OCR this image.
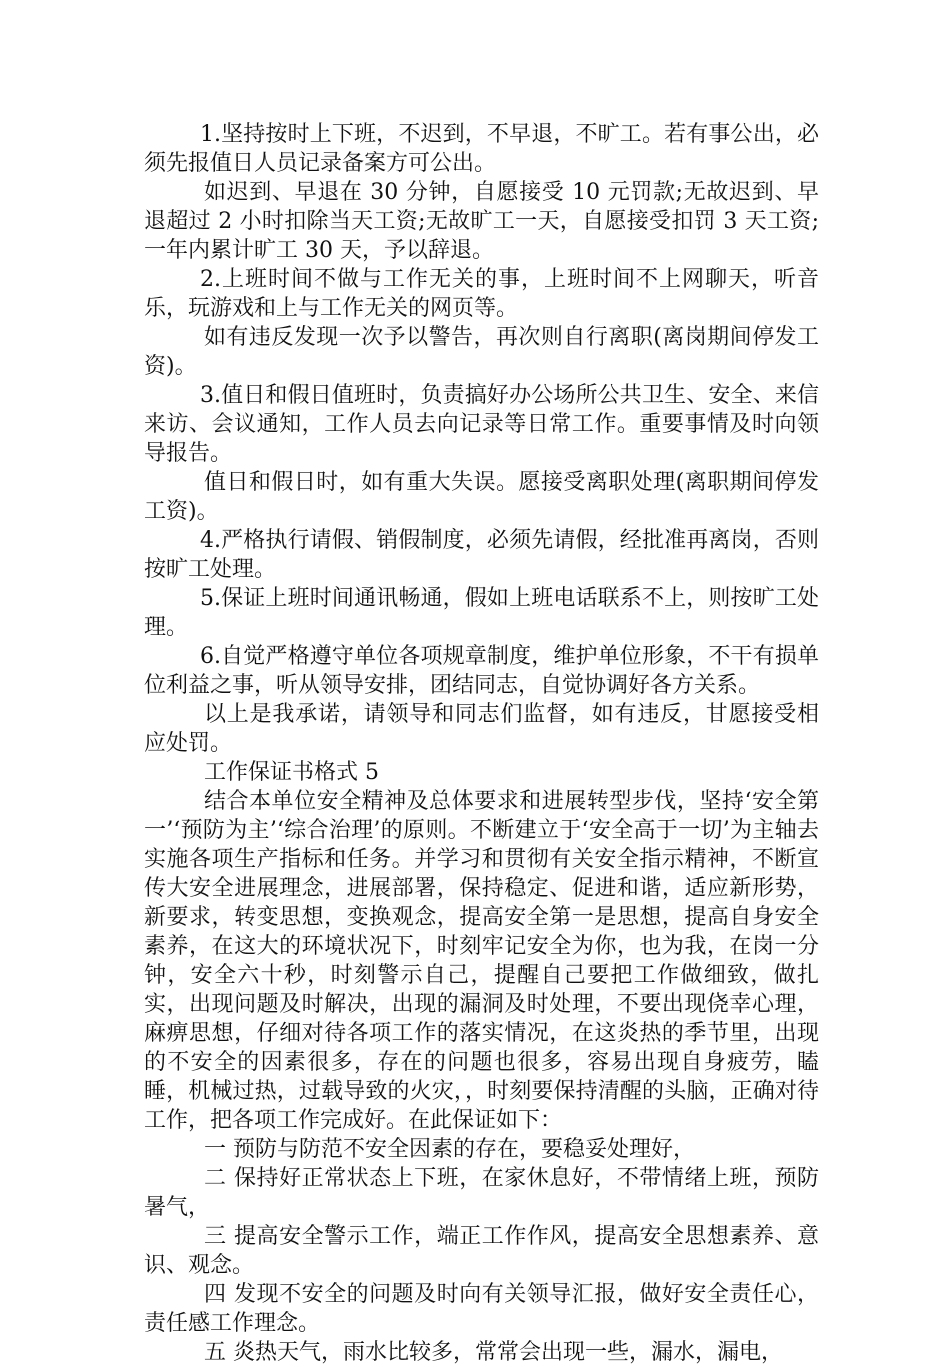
1.坚持按时上下班，不迟到，不早退，不旷工。若有事公出，必须先报值日人员记录备案方可公出。

如迟到、早退在 30 分钟，自愿接受 10 元罚款;无故迟到、早退超过 2 小时扣除当天工资;无故旷工一天，自愿接受扣罚 3 天工资;一年内累计旷工 30 天，予以辞退。

2.上班时间不做与工作无关的事，上班时间不上网聊天，听音乐，玩游戏和上与工作无关的网页等。

如有违反发现一次予以警告，再次则自行离职(离岗期间停发工资)。

3.值日和假日值班时，负责搞好办公场所公共卫生、安全、来信来访、会议通知，工作人员去向记录等日常工作。重要事情及时向领导报告。

值日和假日时，如有重大失误。愿接受离职处理(离职期间停发工资)。

4.严格执行请假、销假制度，必须先请假，经批准再离岗，否则按旷工处理。

5.保证上班时间通讯畅通，假如上班电话联系不上，则按旷工处理。

6.自觉严格遵守单位各项规章制度，维护单位形象，不干有损单位利益之事，听从领导安排，团结同志，自觉协调好各方关系。

以上是我承诺，请领导和同志们监督，如有违反，甘愿接受相应处罚。

工作保证书格式 5

结合本单位安全精神及总体要求和进展转型步伐，坚持‘安全第一’‘预防为主’‘综合治理’的原则。不断建立于‘安全高于一切’为主轴去实施各项生产指标和任务。并学习和贯彻有关安全指示精神，不断宣传大安全进展理念，进展部署，保持稳定、促进和谐，适应新形势，新要求，转变思想，变换观念，提高安全第一是思想，提高自身安全素养，在这大的环境状况下，时刻牢记安全为你，也为我，在岗一分钟，安全六十秒，时刻警示自己，提醒自己要把工作做细致，做扎实，出现问题及时解决，出现的漏洞及时处理，不要出现侥幸心理，麻痹思想，仔细对待各项工作的落实情况，在这炎热的季节里，出现的不安全的因素很多，存在的问题也很多，容易出现自身疲劳，瞌睡，机械过热，过载导致的火灾，，时刻要保持清醒的头脑，正确对待工作，把各项工作完成好。在此保证如下：

一 预防与防范不安全因素的存在，要稳妥处理好，

二 保持好正常状态上下班，在家休息好，不带情绪上班，预防暑气，

三 提高安全警示工作，端正工作作风，提高安全思想素养、意识、观念。

四 发现不安全的问题及时向有关领导汇报，做好安全责任心，责任感工作理念。

五 炎热天气，雨水比较多，常常会出现一些，漏水，漏电，
